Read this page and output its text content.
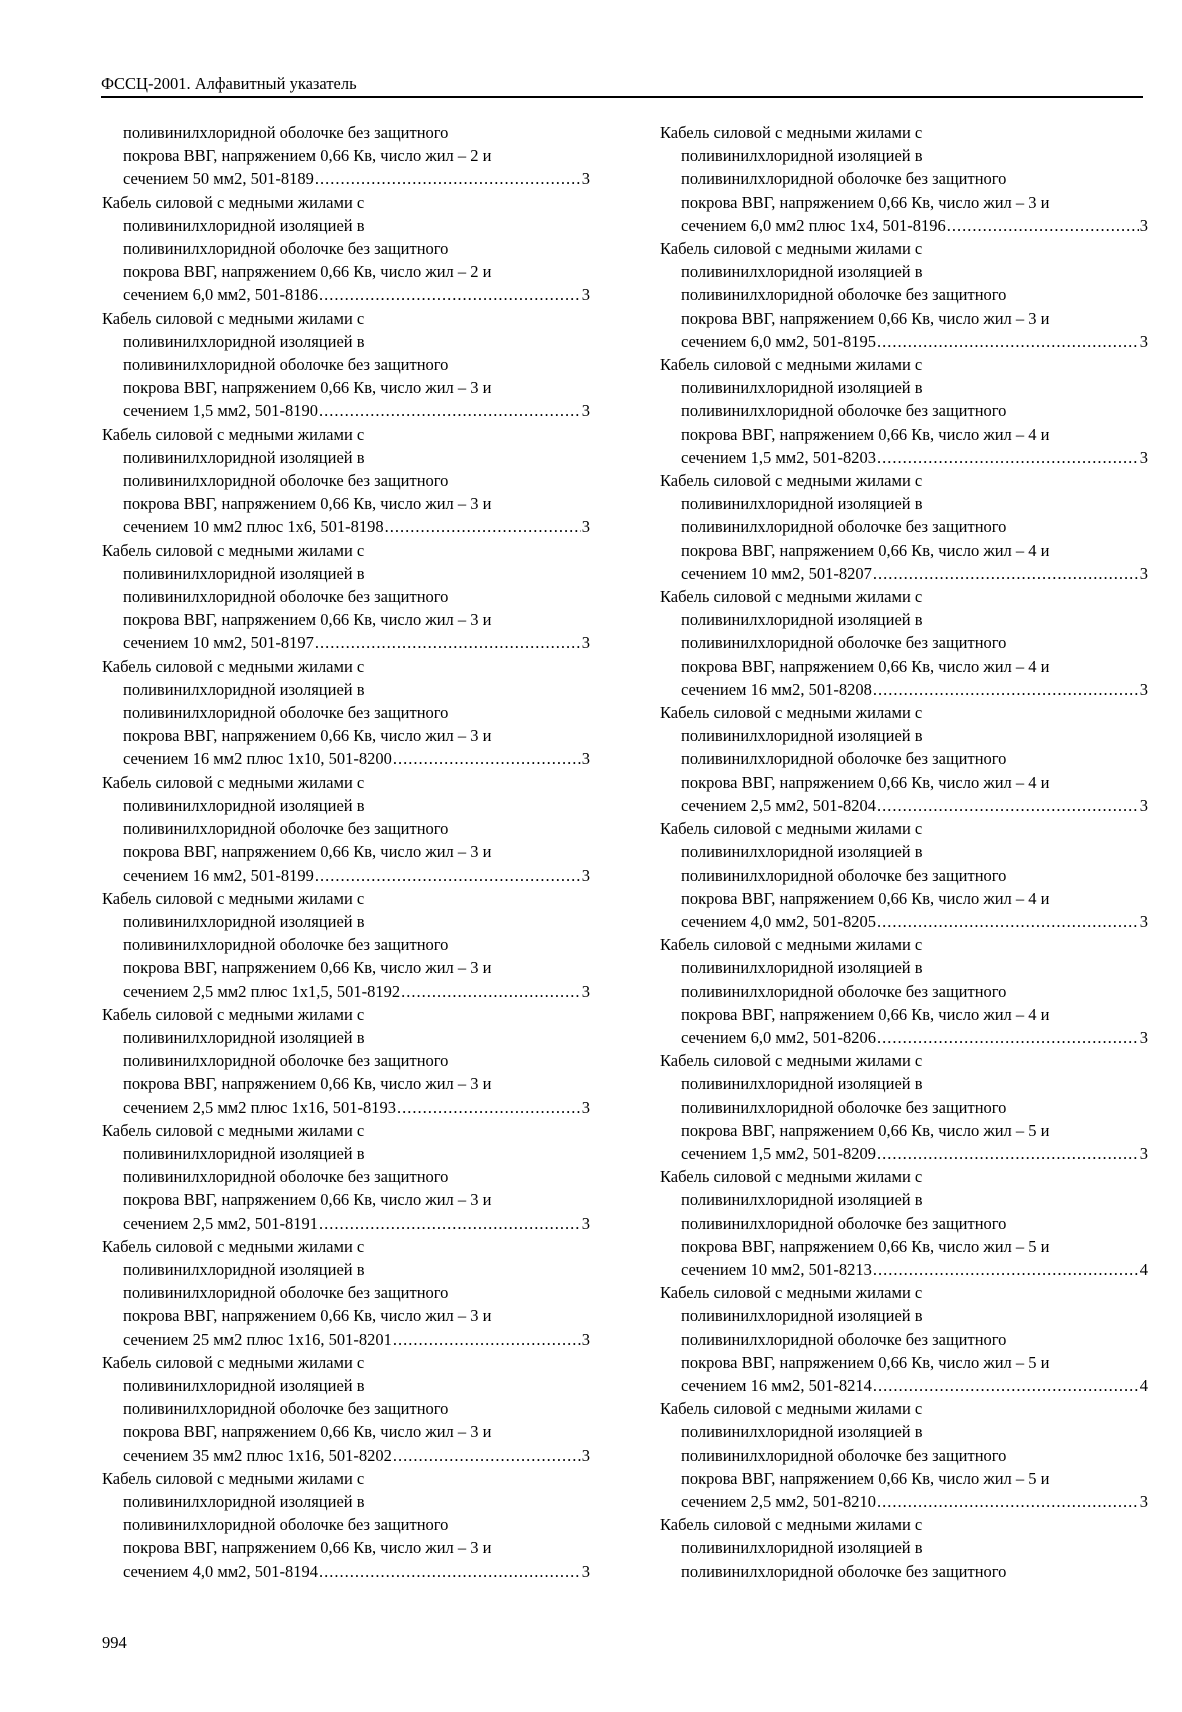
ФССЦ-2001. Алфавитный указатель
поливинилхлоридной оболочке без защитного
покрова ВВГ, напряжением 0,66 Кв, число жил – 2 и
сечением 50 мм2, 501-8189 .....	3
Кабель силовой с медными жилами с
поливинилхлоридной изоляцией в
поливинилхлоридной оболочке без защитного
покрова ВВГ, напряжением 0,66 Кв, число жил – 2 и
сечением 6,0 мм2, 501-8186 .....	3
Кабель силовой с медными жилами с
поливинилхлоридной изоляцией в
поливинилхлоридной оболочке без защитного
покрова ВВГ, напряжением 0,66 Кв, число жил – 3 и
сечением 1,5 мм2, 501-8190 .....	3
Кабель силовой с медными жилами с
поливинилхлоридной изоляцией в
поливинилхлоридной оболочке без защитного
покрова ВВГ, напряжением 0,66 Кв, число жил – 3 и
сечением 10 мм2 плюс 1х6, 501-8198 .....	3
Кабель силовой с медными жилами с
поливинилхлоридной изоляцией в
поливинилхлоридной оболочке без защитного
покрова ВВГ, напряжением 0,66 Кв, число жил – 3 и
сечением 10 мм2, 501-8197 .....	3
Кабель силовой с медными жилами с
поливинилхлоридной изоляцией в
поливинилхлоридной оболочке без защитного
покрова ВВГ, напряжением 0,66 Кв, число жил – 3 и
сечением 16 мм2 плюс 1х10, 501-8200 .....	3
Кабель силовой с медными жилами с
поливинилхлоридной изоляцией в
поливинилхлоридной оболочке без защитного
покрова ВВГ, напряжением 0,66 Кв, число жил – 3 и
сечением 16 мм2, 501-8199 .....	3
Кабель силовой с медными жилами с
поливинилхлоридной изоляцией в
поливинилхлоридной оболочке без защитного
покрова ВВГ, напряжением 0,66 Кв, число жил – 3 и
сечением 2,5 мм2 плюс 1х1,5, 501-8192 .....	3
Кабель силовой с медными жилами с
поливинилхлоридной изоляцией в
поливинилхлоридной оболочке без защитного
покрова ВВГ, напряжением 0,66 Кв, число жил – 3 и
сечением 2,5 мм2 плюс 1х16, 501-8193 .....	3
Кабель силовой с медными жилами с
поливинилхлоридной изоляцией в
поливинилхлоридной оболочке без защитного
покрова ВВГ, напряжением 0,66 Кв, число жил – 3 и
сечением 2,5 мм2, 501-8191 .....	3
Кабель силовой с медными жилами с
поливинилхлоридной изоляцией в
поливинилхлоридной оболочке без защитного
покрова ВВГ, напряжением 0,66 Кв, число жил – 3 и
сечением 25 мм2 плюс 1х16, 501-8201 .....	3
Кабель силовой с медными жилами с
поливинилхлоридной изоляцией в
поливинилхлоридной оболочке без защитного
покрова ВВГ, напряжением 0,66 Кв, число жил – 3 и
сечением 35 мм2 плюс 1х16, 501-8202 .....	3
Кабель силовой с медными жилами с
поливинилхлоридной изоляцией в
поливинилхлоридной оболочке без защитного
покрова ВВГ, напряжением 0,66 Кв, число жил – 3 и
сечением 4,0 мм2, 501-8194 .....	3
Кабель силовой с медными жилами с
поливинилхлоридной изоляцией в
поливинилхлоридной оболочке без защитного
покрова ВВГ, напряжением 0,66 Кв, число жил – 3 и
сечением 6,0 мм2 плюс 1х4, 501-8196 .....	3
Кабель силовой с медными жилами с
поливинилхлоридной изоляцией в
поливинилхлоридной оболочке без защитного
покрова ВВГ, напряжением 0,66 Кв, число жил – 3 и
сечением 6,0 мм2, 501-8195 .....	3
Кабель силовой с медными жилами с
поливинилхлоридной изоляцией в
поливинилхлоридной оболочке без защитного
покрова ВВГ, напряжением 0,66 Кв, число жил – 4 и
сечением 1,5 мм2, 501-8203 .....	3
Кабель силовой с медными жилами с
поливинилхлоридной изоляцией в
поливинилхлоридной оболочке без защитного
покрова ВВГ, напряжением 0,66 Кв, число жил – 4 и
сечением 10 мм2, 501-8207 .....	3
Кабель силовой с медными жилами с
поливинилхлоридной изоляцией в
поливинилхлоридной оболочке без защитного
покрова ВВГ, напряжением 0,66 Кв, число жил – 4 и
сечением 16 мм2, 501-8208 .....	3
Кабель силовой с медными жилами с
поливинилхлоридной изоляцией в
поливинилхлоридной оболочке без защитного
покрова ВВГ, напряжением 0,66 Кв, число жил – 4 и
сечением 2,5 мм2, 501-8204 .....	3
Кабель силовой с медными жилами с
поливинилхлоридной изоляцией в
поливинилхлоридной оболочке без защитного
покрова ВВГ, напряжением 0,66 Кв, число жил – 4 и
сечением 4,0 мм2, 501-8205 .....	3
Кабель силовой с медными жилами с
поливинилхлоридной изоляцией в
поливинилхлоридной оболочке без защитного
покрова ВВГ, напряжением 0,66 Кв, число жил – 4 и
сечением 6,0 мм2, 501-8206 .....	3
Кабель силовой с медными жилами с
поливинилхлоридной изоляцией в
поливинилхлоридной оболочке без защитного
покрова ВВГ, напряжением 0,66 Кв, число жил – 5 и
сечением 1,5 мм2, 501-8209 .....	3
Кабель силовой с медными жилами с
поливинилхлоридной изоляцией в
поливинилхлоридной оболочке без защитного
покрова ВВГ, напряжением 0,66 Кв, число жил – 5 и
сечением 10 мм2, 501-8213 .....	4
Кабель силовой с медными жилами с
поливинилхлоридной изоляцией в
поливинилхлоридной оболочке без защитного
покрова ВВГ, напряжением 0,66 Кв, число жил – 5 и
сечением 16 мм2, 501-8214 .....	4
Кабель силовой с медными жилами с
поливинилхлоридной изоляцией в
поливинилхлоридной оболочке без защитного
покрова ВВГ, напряжением 0,66 Кв, число жил – 5 и
сечением 2,5 мм2, 501-8210 .....	3
Кабель силовой с медными жилами с
поливинилхлоридной изоляцией в
поливинилхлоридной оболочке без защитного
994
